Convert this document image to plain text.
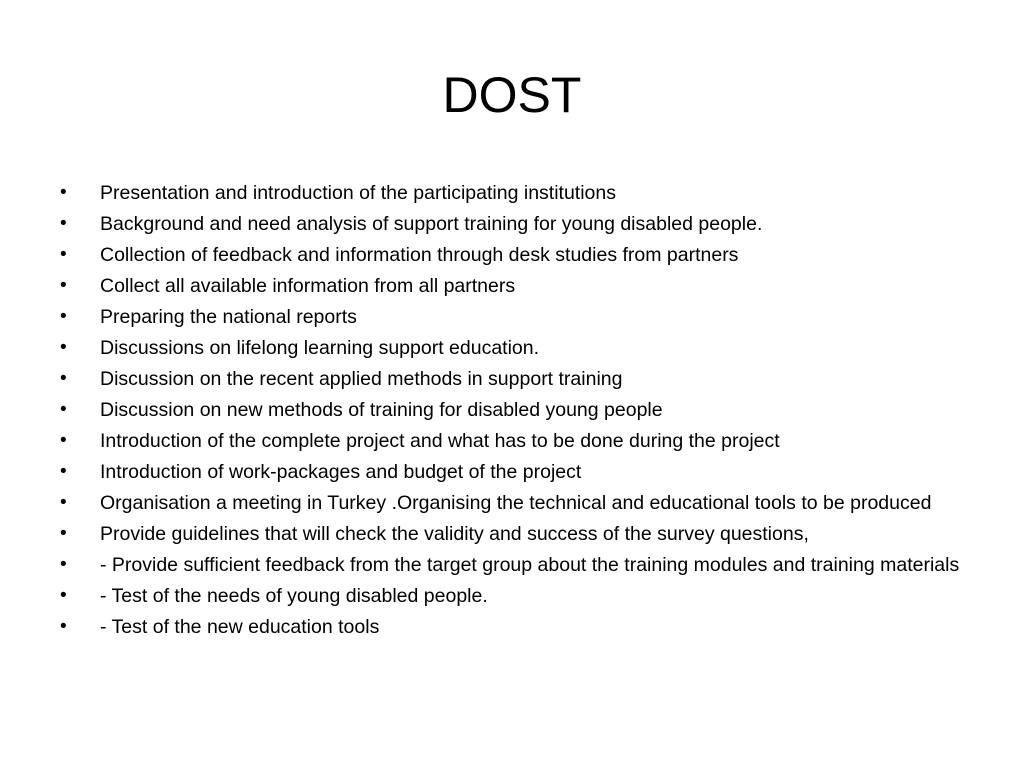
DOST
• Presentation and introduction of the participating institutions
• Background and need analysis of support training for young disabled people.
• Collection of feedback and information through desk studies from partners
• Collect all available information from all partners
• Preparing the national reports
• Discussions on lifelong learning support education.
• Discussion on the recent applied methods in support training
• Discussion on new methods of training for disabled young people
• Introduction of the complete project and what has to be done during the project
• Introduction of work-packages and budget of the project
• Organisation a meeting in Turkey .Organising the technical and educational tools to be produced
• Provide guidelines that will check the validity and success of the survey questions,
• - Provide sufficient feedback from the target group about the training modules and training materials
• - Test of the needs of young disabled people.
• - Test of the new education tools
